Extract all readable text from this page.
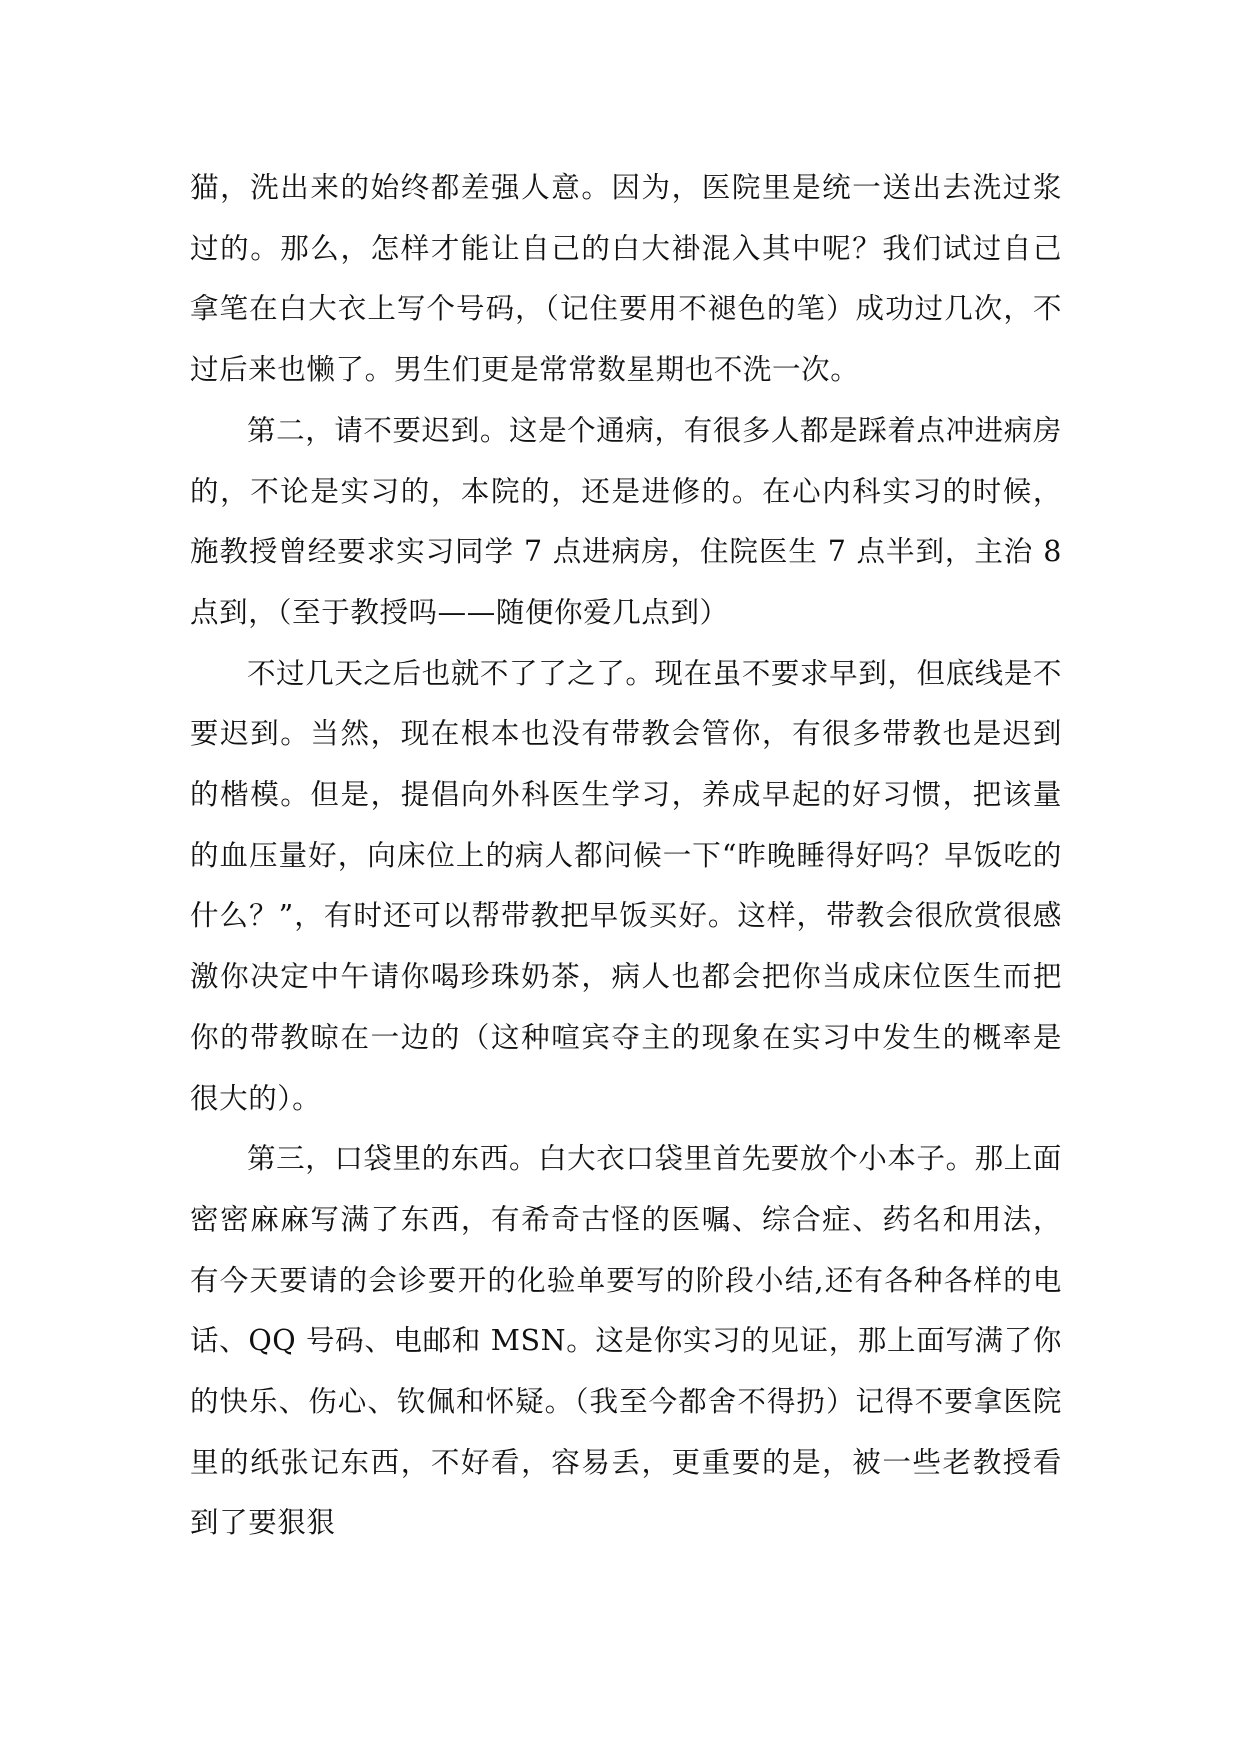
猫，洗出来的始终都差强人意。因为，医院里是统一送出去洗过浆过的。那么，怎样才能让自己的白大褂混入其中呢？我们试过自己拿笔在白大衣上写个号码，（记住要用不褪色的笔）成功过几次，不过后来也懒了。男生们更是常常数星期也不洗一次。

第二，请不要迟到。这是个通病，有很多人都是踩着点冲进病房的，不论是实习的，本院的，还是进修的。在心内科实习的时候，施教授曾经要求实习同学 7 点进病房，住院医生 7 点半到，主治 8 点到，（至于教授吗——随便你爱几点到）

不过几天之后也就不了了之了。现在虽不要求早到，但底线是不要迟到。当然，现在根本也没有带教会管你，有很多带教也是迟到的楷模。但是，提倡向外科医生学习，养成早起的好习惯，把该量的血压量好，向床位上的病人都问候一下“昨晚睡得好吗？早饭吃的什么？”，有时还可以帮带教把早饭买好。这样，带教会很欣赏很感激你决定中午请你喝珍珠奶茶，病人也都会把你当成床位医生而把你的带教晾在一边的（这种喧宾夺主的现象在实习中发生的概率是很大的）。

第三，口袋里的东西。白大衣口袋里首先要放个小本子。那上面密密麻麻写满了东西，有希奇古怪的医嘱、综合症、药名和用法，有今天要请的会诊要开的化验单要写的阶段小结,还有各种各样的电话、QQ 号码、电邮和 MSN。这是你实习的见证，那上面写满了你的快乐、伤心、钦佩和怀疑。（我至今都舍不得扔）记得不要拿医院里的纸张记东西，不好看，容易丢，更重要的是，被一些老教授看到了要狠狠
